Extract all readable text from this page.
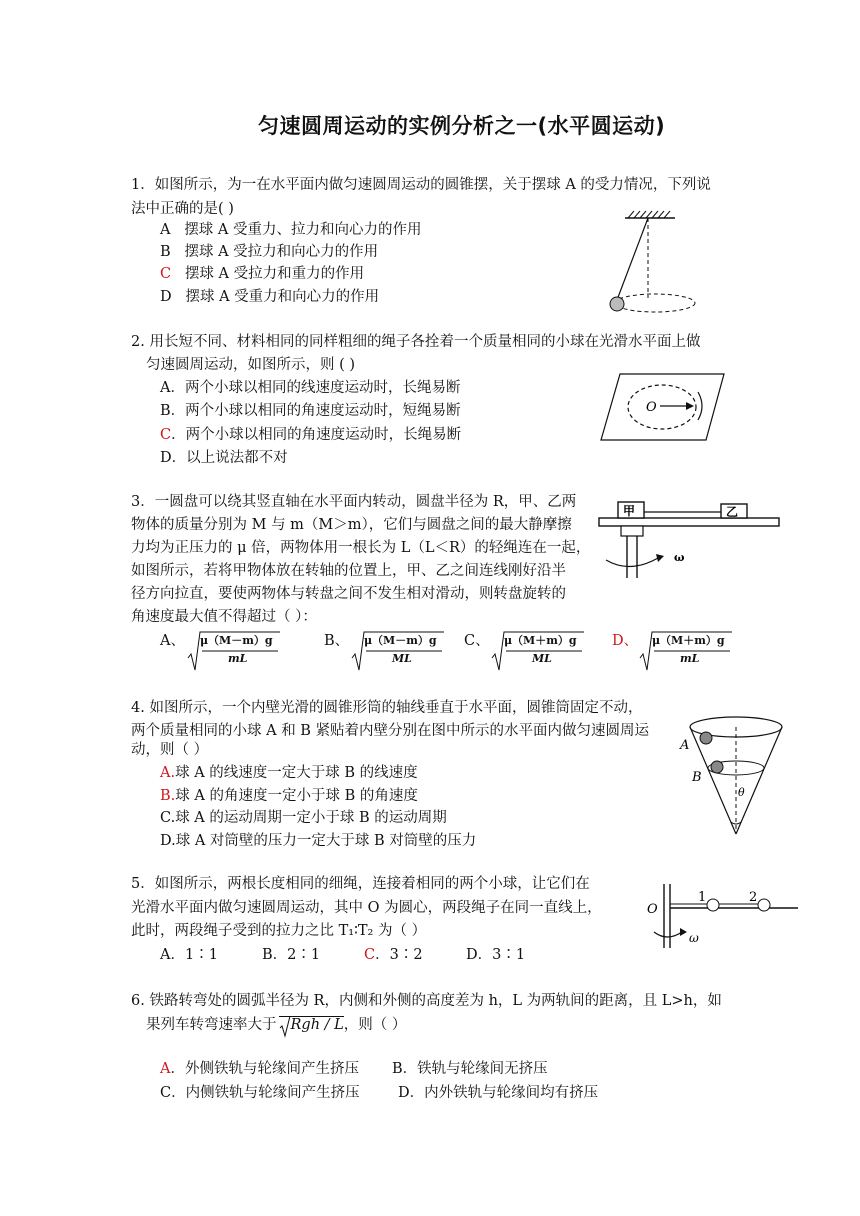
匀速圆周运动的实例分析之一(水平圆运动)
1．如图所示，为一在水平面内做匀速圆周运动的圆锥摆，关于摆球 A 的受力情况，下列说
法中正确的是( )
A 摆球 A 受重力、拉力和向心力的作用
B 摆球 A 受拉力和向心力的作用
C 摆球 A 受拉力和重力的作用
D 摆球 A 受重力和向心力的作用
2. 用长短不同、材料相同的同样粗细的绳子各拴着一个质量相同的小球在光滑水平面上做
匀速圆周运动，如图所示，则 ( )
A．两个小球以相同的线速度运动时，长绳易断
B．两个小球以相同的角速度运动时，短绳易断
C．两个小球以相同的角速度运动时，长绳易断
D．以上说法都不对
O
3．一圆盘可以绕其竖直轴在水平面内转动，圆盘半径为 R，甲、乙两
物体的质量分别为 M 与 m（M＞m），它们与圆盘之间的最大静摩擦
力均为正压力的 μ 倍，两物体用一根长为 L（L＜R）的轻绳连在一起，
如图所示，若将甲物体放在转轴的位置上，甲、乙之间连线刚好沿半
径方向拉直，要使两物体与转盘之间不发生相对滑动，则转盘旋转的
角速度最大值不得超过（ ）：
甲	乙
ω
A、 μ（M－m）g
mL
B、 μ（M－m）g
ML
C、 μ（M＋m）g
ML
D、 μ（M＋m）g
mL
4. 如图所示，一个内壁光滑的圆锥形筒的轴线垂直于水平面，圆锥筒固定不动，
两个质量相同的小球 A 和 B 紧贴着内壁分别在图中所示的水平面内做匀速圆周运
动，则（ ）
A.球 A 的线速度一定大于球 B 的线速度
B.球 A 的角速度一定小于球 B 的角速度
C.球 A 的运动周期一定小于球 B 的运动周期
D.球 A 对筒壁的压力一定大于球 B 对筒壁的压力
A
B
θ
5．如图所示，两根长度相同的细绳，连接着相同的两个小球，让它们在
光滑水平面内做匀速圆周运动，其中 O 为圆心，两段绳子在同一直线上，
此时，两段绳子受到的拉力之比 T₁∶T₂ 为（ ）
A．1∶1	B．2∶1	C．3∶2	D．3∶1
O
1	2
ω
6. 铁路转弯处的圆弧半径为 R，内侧和外侧的高度差为 h，L 为两轨间的距离，且 L>h，如
果列车转弯速率大于 Rgh / L，则（ ）
A．外侧铁轨与轮缘间产生挤压 B．铁轨与轮缘间无挤压
C．内侧铁轨与轮缘间产生挤压	D．内外铁轨与轮缘间均有挤压
